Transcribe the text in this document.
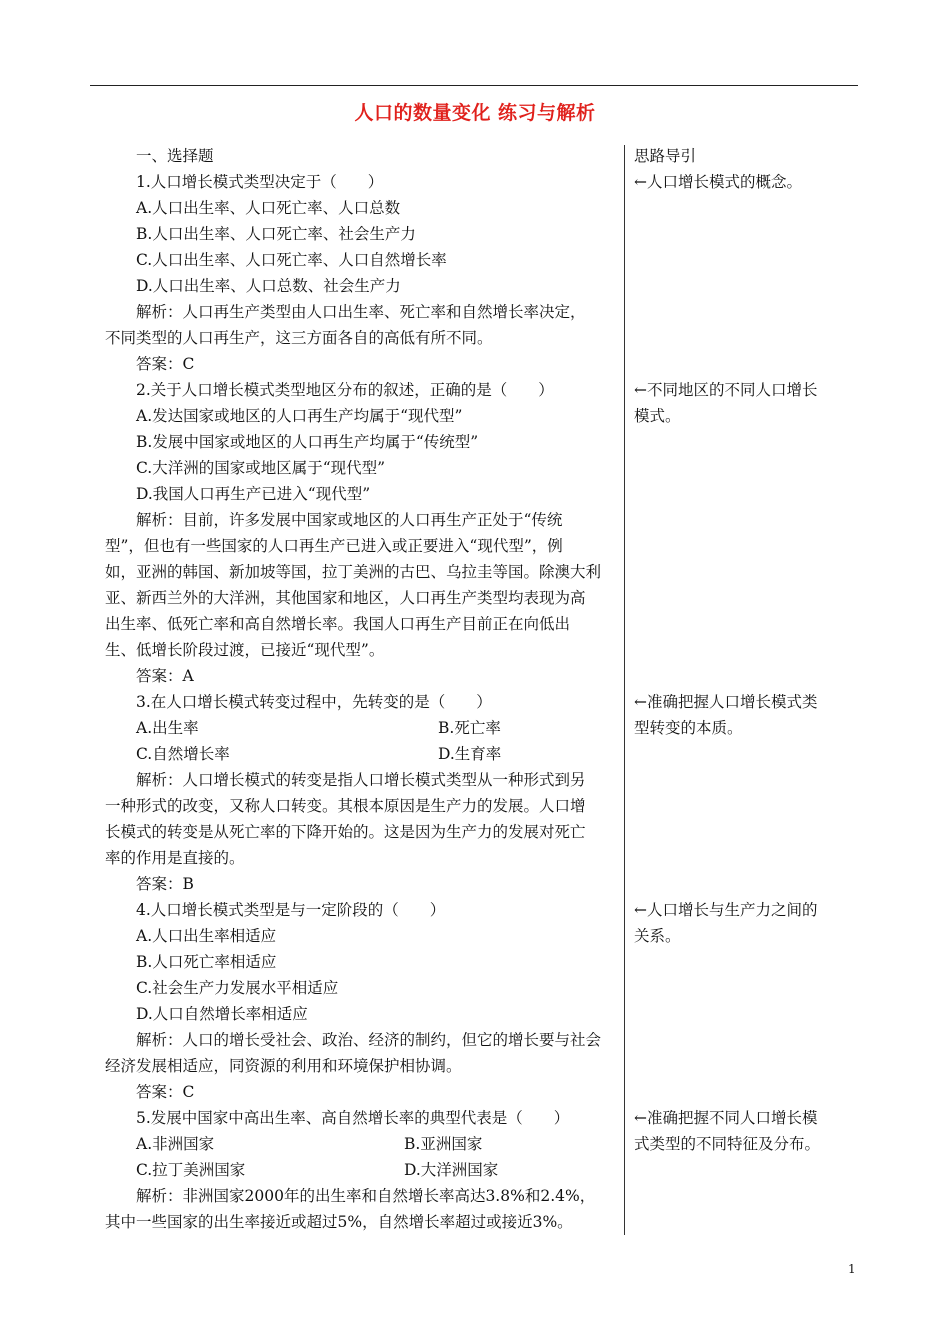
人口的数量变化 练习与解析
思路导引
一、选择题
1.人口增长模式类型决定于（　　）
A.人口出生率、人口死亡率、人口总数
B.人口出生率、人口死亡率、社会生产力
C.人口出生率、人口死亡率、人口自然增长率
D.人口出生率、人口总数、社会生产力
解析：人口再生产类型由人口出生率、死亡率和自然增长率决定，
不同类型的人口再生产，这三方面各自的高低有所不同。
答案：C
2.关于人口增长模式类型地区分布的叙述，正确的是（　　）
A.发达国家或地区的人口再生产均属于“现代型”
B.发展中国家或地区的人口再生产均属于“传统型”
C.大洋洲的国家或地区属于“现代型”
D.我国人口再生产已进入“现代型”
解析：目前，许多发展中国家或地区的人口再生产正处于“传统
型”，但也有一些国家的人口再生产已进入或正要进入“现代型”，例
如，亚洲的韩国、新加坡等国，拉丁美洲的古巴、乌拉圭等国。除澳大利
亚、新西兰外的大洋洲，其他国家和地区，人口再生产类型均表现为高
出生率、低死亡率和高自然增长率。我国人口再生产目前正在向低出
生、低增长阶段过渡，已接近“现代型”。
答案：A
3.在人口增长模式转变过程中，先转变的是（　　）
A.出生率	B.死亡率
C.自然增长率	D.生育率
解析：人口增长模式的转变是指人口增长模式类型从一种形式到另
一种形式的改变，又称人口转变。其根本原因是生产力的发展。人口增
长模式的转变是从死亡率的下降开始的。这是因为生产力的发展对死亡
率的作用是直接的。
答案：B
4.人口增长模式类型是与一定阶段的（　　）
A.人口出生率相适应
B.人口死亡率相适应
C.社会生产力发展水平相适应
D.人口自然增长率相适应
解析：人口的增长受社会、政治、经济的制约，但它的增长要与社会
经济发展相适应，同资源的利用和环境保护相协调。
答案：C
5.发展中国家中高出生率、高自然增长率的典型代表是（　　）
A.非洲国家	B.亚洲国家
C.拉丁美洲国家	D.大洋洲国家
解析：非洲国家2000年的出生率和自然增长率高达3.8%和2.4%，
其中一些国家的出生率接近或超过5%，自然增长率超过或接近3%。
←人口增长模式的概念。
←不同地区的不同人口增长
模式。
←准确把握人口增长模式类
型转变的本质。
←人口增长与生产力之间的
关系。
←准确把握不同人口增长模
式类型的不同特征及分布。
1
